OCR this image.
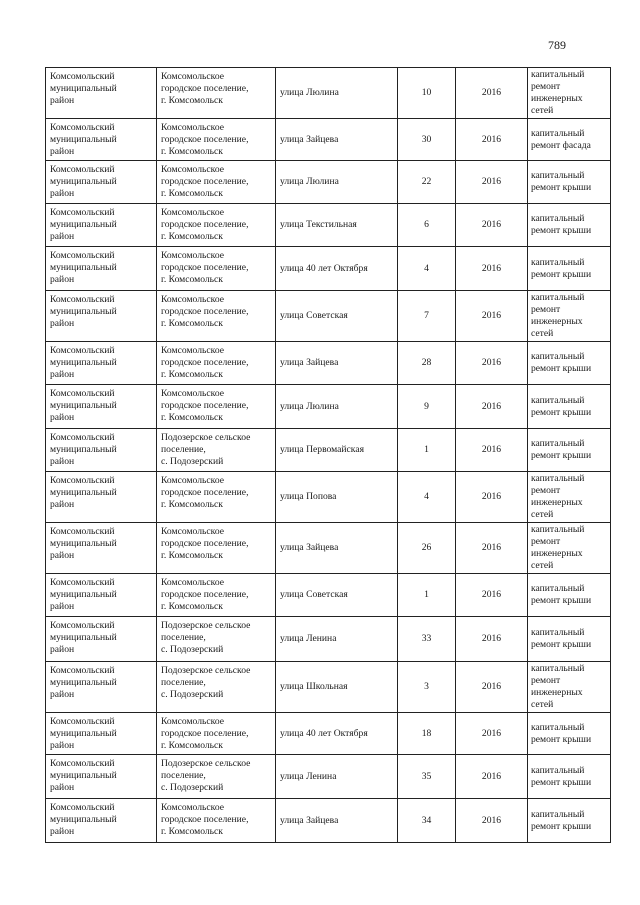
789
Комсомольский
муниципальный
район	Комсомольское
городское поселение,
г. Комсомольск	улица Люлина	10	2016	капитальный
ремонт
инженерных
сетей

Комсомольский
муниципальный
район	Комсомольское
городское поселение,
г. Комсомольск	улица Зайцева	30	2016	капитальный
ремонт фасада

Комсомольский
муниципальный
район	Комсомольское
городское поселение,
г. Комсомольск	улица Люлина	22	2016	капитальный
ремонт крыши

Комсомольский
муниципальный
район	Комсомольское
городское поселение,
г. Комсомольск	улица Текстильная	6	2016	капитальный
ремонт крыши

Комсомольский
муниципальный
район	Комсомольское
городское поселение,
г. Комсомольск	улица 40 лет Октября	4	2016	капитальный
ремонт крыши

Комсомольский
муниципальный
район	Комсомольское
городское поселение,
г. Комсомольск	улица Советская	7	2016	капитальный
ремонт
инженерных
сетей

Комсомольский
муниципальный
район	Комсомольское
городское поселение,
г. Комсомольск	улица Зайцева	28	2016	капитальный
ремонт крыши

Комсомольский
муниципальный
район	Комсомольское
городское поселение,
г. Комсомольск	улица Люлина	9	2016	капитальный
ремонт крыши

Комсомольский
муниципальный
район	Подозерское сельское
поселение,
с. Подозерский	улица Первомайская	1	2016	капитальный
ремонт крыши

Комсомольский
муниципальный
район	Комсомольское
городское поселение,
г. Комсомольск	улица Попова	4	2016	капитальный
ремонт
инженерных
сетей

Комсомольский
муниципальный
район	Комсомольское
городское поселение,
г. Комсомольск	улица Зайцева	26	2016	капитальный
ремонт
инженерных
сетей

Комсомольский
муниципальный
район	Комсомольское
городское поселение,
г. Комсомольск	улица Советская	1	2016	капитальный
ремонт крыши

Комсомольский
муниципальный
район	Подозерское сельское
поселение,
с. Подозерский	улица Ленина	33	2016	капитальный
ремонт крыши

Комсомольский
муниципальный
район	Подозерское сельское
поселение,
с. Подозерский	улица Школьная	3	2016	капитальный
ремонт
инженерных
сетей

Комсомольский
муниципальный
район	Комсомольское
городское поселение,
г. Комсомольск	улица 40 лет Октября	18	2016	капитальный
ремонт крыши

Комсомольский
муниципальный
район	Подозерское сельское
поселение,
с. Подозерский	улица Ленина	35	2016	капитальный
ремонт крыши

Комсомольский
муниципальный
район	Комсомольское
городское поселение,
г. Комсомольск	улица Зайцева	34	2016	капитальный
ремонт крыши
